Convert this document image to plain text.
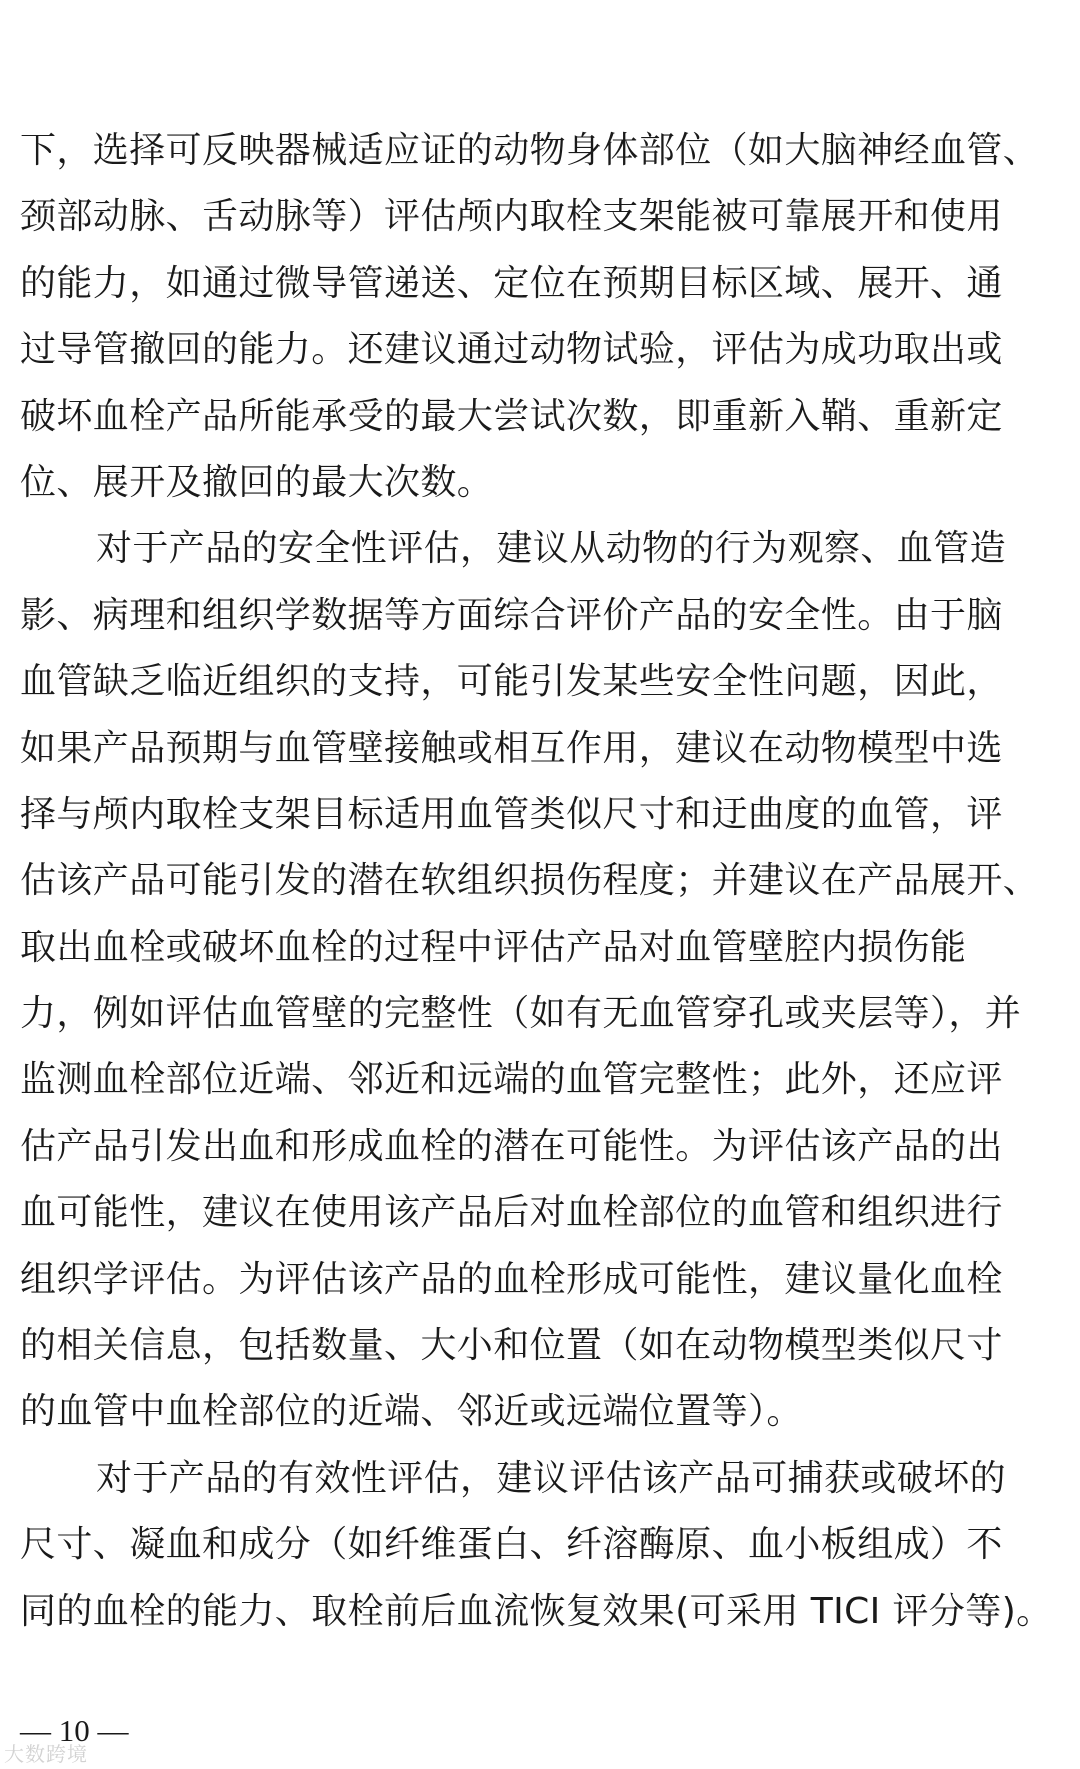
下，选择可反映器械适应证的动物身体部位（如大脑神经血管、
颈部动脉、舌动脉等）评估颅内取栓支架能被可靠展开和使用
的能力，如通过微导管递送、定位在预期目标区域、展开、通
过导管撤回的能力。还建议通过动物试验，评估为成功取出或
破坏血栓产品所能承受的最大尝试次数，即重新入鞘、重新定
位、展开及撤回的最大次数。
对于产品的安全性评估，建议从动物的行为观察、血管造
影、病理和组织学数据等方面综合评价产品的安全性。由于脑
血管缺乏临近组织的支持，可能引发某些安全性问题，因此，
如果产品预期与血管壁接触或相互作用，建议在动物模型中选
择与颅内取栓支架目标适用血管类似尺寸和迂曲度的血管，评
估该产品可能引发的潜在软组织损伤程度；并建议在产品展开、
取出血栓或破坏血栓的过程中评估产品对血管壁腔内损伤能
力，例如评估血管壁的完整性（如有无血管穿孔或夹层等），并
监测血栓部位近端、邻近和远端的血管完整性；此外，还应评
估产品引发出血和形成血栓的潜在可能性。为评估该产品的出
血可能性，建议在使用该产品后对血栓部位的血管和组织进行
组织学评估。为评估该产品的血栓形成可能性，建议量化血栓
的相关信息，包括数量、大小和位置（如在动物模型类似尺寸
的血管中血栓部位的近端、邻近或远端位置等）。
对于产品的有效性评估，建议评估该产品可捕获或破坏的
尺寸、凝血和成分（如纤维蛋白、纤溶酶原、血小板组成）不
同的血栓的能力、取栓前后血流恢复效果(可采用 TICI 评分等)。
— 10 —
大数跨境
